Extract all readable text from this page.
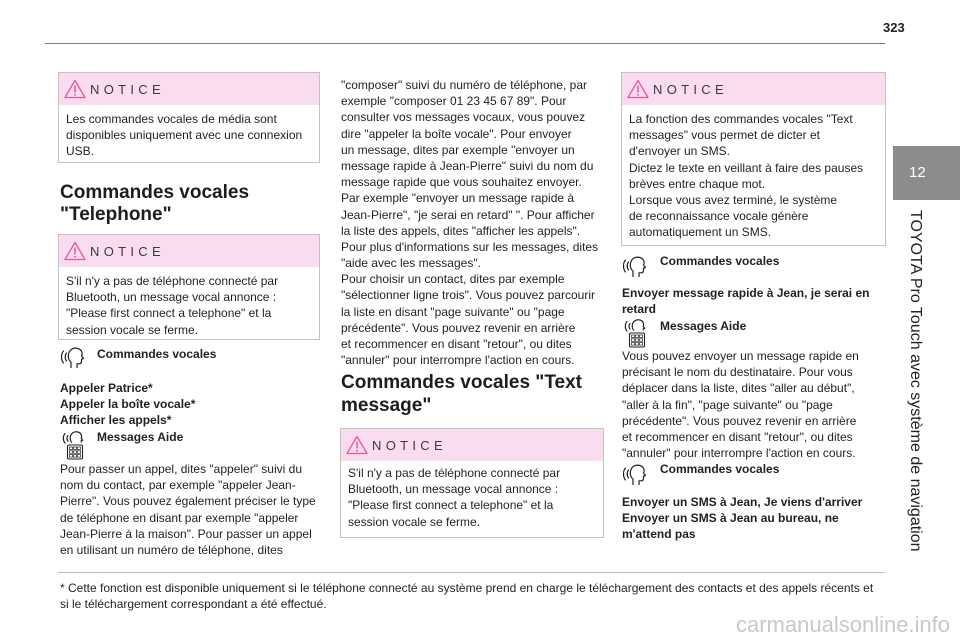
323
12
TOYOTA Pro Touch avec système de navigation
NOTICE
Les commandes vocales de média sont
disponibles uniquement avec une connexion
USB.
Commandes vocales
"Telephone"
NOTICE
S'il n'y a pas de téléphone connecté par
Bluetooth, un message vocal annonce :
"Please first connect a telephone" et la
session vocale se ferme.
Commandes vocales
Appeler Patrice*
Appeler la boîte vocale*
Afficher les appels*
Messages Aide
Pour passer un appel, dites "appeler" suivi du
nom du contact, par exemple "appeler Jean-
Pierre". Vous pouvez également préciser le type
de téléphone en disant par exemple "appeler
Jean-Pierre à la maison". Pour passer un appel
en utilisant un numéro de téléphone, dites
"composer" suivi du numéro de téléphone, par
exemple "composer 01 23 45 67 89". Pour
consulter vos messages vocaux, vous pouvez
dire "appeler la boîte vocale". Pour envoyer
un message, dites par exemple "envoyer un
message rapide à Jean-Pierre" suivi du nom du
message rapide que vous souhaitez envoyer.
Par exemple "envoyer un message rapide à
Jean-Pierre", "je serai en retard" ". Pour afficher
la liste des appels, dites "afficher les appels".
Pour plus d'informations sur les messages, dites
"aide avec les messages".
Pour choisir un contact, dites par exemple
"sélectionner ligne trois". Vous pouvez parcourir
la liste en disant "page suivante" ou "page
précédente". Vous pouvez revenir en arrière
et recommencer en disant "retour", ou dites
"annuler" pour interrompre l'action en cours.
Commandes vocales "Text
message"
NOTICE
S'il n'y a pas de téléphone connecté par
Bluetooth, un message vocal annonce :
"Please first connect a telephone" et la
session vocale se ferme.
NOTICE
La fonction des commandes vocales "Text
messages" vous permet de dicter et
d'envoyer un SMS.
Dictez le texte en veillant à faire des pauses
brèves entre chaque mot.
Lorsque vous avez terminé, le système
de reconnaissance vocale génère
automatiquement un SMS.
Commandes vocales
Envoyer message rapide à Jean, je serai en
retard
Messages Aide
Vous pouvez envoyer un message rapide en
précisant le nom du destinataire. Pour vous
déplacer dans la liste, dites "aller au début",
"aller à la fin", "page suivante" ou "page
précédente". Vous pouvez revenir en arrière
et recommencer en disant "retour", ou dites
"annuler" pour interrompre l'action en cours.
Commandes vocales
Envoyer un SMS à Jean, Je viens d'arriver
Envoyer un SMS à Jean au bureau, ne
m'attend pas
* Cette fonction est disponible uniquement si le téléphone connecté au système prend en charge le téléchargement des contacts et des appels récents et
si le téléchargement correspondant a été effectué.
carmanualsonline.info
